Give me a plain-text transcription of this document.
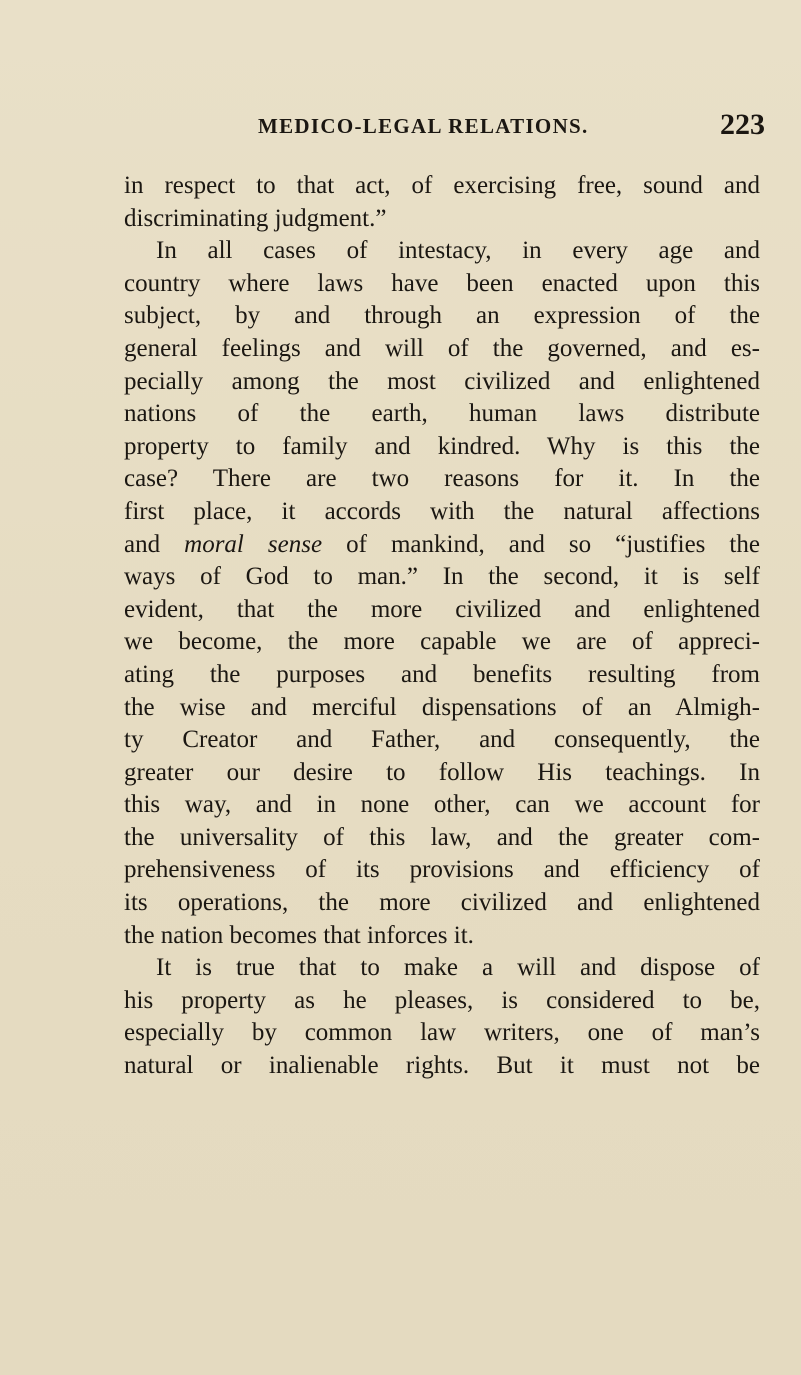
MEDICO-LEGAL RELATIONS.	223
in respect to that act, of exercising free, sound and
discriminating judgment.”
In all cases of intestacy, in every age and
country where laws have been enacted upon this
subject, by and through an expression of the
general feelings and will of the governed, and es-
pecially among the most civilized and enlightened
nations of the earth, human laws distribute
property to family and kindred. Why is this the
case? There are two reasons for it. In the
first place, it accords with the natural affections
and moral sense of mankind, and so “justifies the
ways of God to man.” In the second, it is self
evident, that the more civilized and enlightened
we become, the more capable we are of appreci-
ating the purposes and benefits resulting from
the wise and merciful dispensations of an Almigh-
ty Creator and Father, and consequently, the
greater our desire to follow His teachings. In
this way, and in none other, can we account for
the universality of this law, and the greater com-
prehensiveness of its provisions and efficiency of
its operations, the more civilized and enlightened
the nation becomes that inforces it.
It is true that to make a will and dispose of
his property as he pleases, is considered to be,
especially by common law writers, one of man’s
natural or inalienable rights. But it must not be
